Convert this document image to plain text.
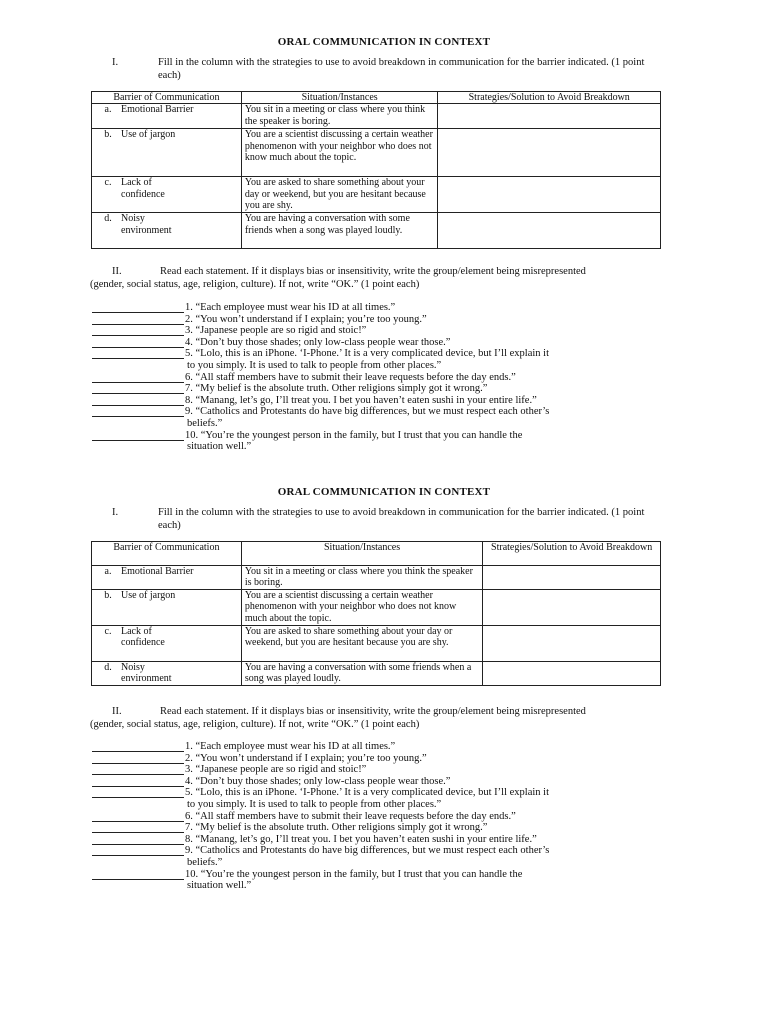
ORAL COMMUNICATION IN CONTEXT
I.	Fill in the column with the strategies to use to avoid breakdown in communication for the barrier indicated. (1 point each)
Barrier of Communication	Situation/Instances	Strategies/Solution to Avoid Breakdown

a. Emotional Barrier	You sit in a meeting or class where you think the speaker is boring.	

b. Use of jargon	You are a scientist discussing a certain weather phenomenon with your neighbor who does not know much about the topic.	

c. Lack of confidence	You are asked to share something about your day or weekend, but you are hesitant because you are shy.	

d. Noisy environment	You are having a conversation with some friends when a song was played loudly.	
II.	Read each statement. If it displays bias or insensitivity, write the group/element being misrepresented (gender, social status, age, religion, culture). If not, write “OK.” (1 point each)
1. “Each employee must wear his ID at all times.”
2. “You won’t understand if I explain; you’re too young.”
3. “Japanese people are so rigid and stoic!”
4. “Don’t buy those shades; only low-class people wear those.”
5. “Lolo, this is an iPhone. ‘I-Phone.’ It is a very complicated device, but I’ll explain it
to you simply. It is used to talk to people from other places.”
6. “All staff members have to submit their leave requests before the day ends.”
7. “My belief is the absolute truth. Other religions simply got it wrong.”
8. “Manang, let’s go, I’ll treat you. I bet you haven’t eaten sushi in your entire life.”
9. “Catholics and Protestants do have big differences, but we must respect each other’s
beliefs.”
10. “You’re the youngest person in the family, but I trust that you can handle the
situation well.”
ORAL COMMUNICATION IN CONTEXT
I.	Fill in the column with the strategies to use to avoid breakdown in communication for the barrier indicated. (1 point each)
Barrier of Communication	Situation/Instances	Strategies/Solution to Avoid Breakdown

a. Emotional Barrier	You sit in a meeting or class where you think the speaker is boring.	

b. Use of jargon	You are a scientist discussing a certain weather phenomenon with your neighbor who does not know much about the topic.	

c. Lack of confidence	You are asked to share something about your day or weekend, but you are hesitant because you are shy.	

d. Noisy environment	You are having a conversation with some friends when a song was played loudly.	
II.	Read each statement. If it displays bias or insensitivity, write the group/element being misrepresented (gender, social status, age, religion, culture). If not, write “OK.” (1 point each)
1. “Each employee must wear his ID at all times.”
2. “You won’t understand if I explain; you’re too young.”
3. “Japanese people are so rigid and stoic!”
4. “Don’t buy those shades; only low-class people wear those.”
5. “Lolo, this is an iPhone. ‘I-Phone.’ It is a very complicated device, but I’ll explain it
to you simply. It is used to talk to people from other places.”
6. “All staff members have to submit their leave requests before the day ends.”
7. “My belief is the absolute truth. Other religions simply got it wrong.”
8. “Manang, let’s go, I’ll treat you. I bet you haven’t eaten sushi in your entire life.”
9. “Catholics and Protestants do have big differences, but we must respect each other’s
beliefs.”
10. “You’re the youngest person in the family, but I trust that you can handle the
situation well.”
